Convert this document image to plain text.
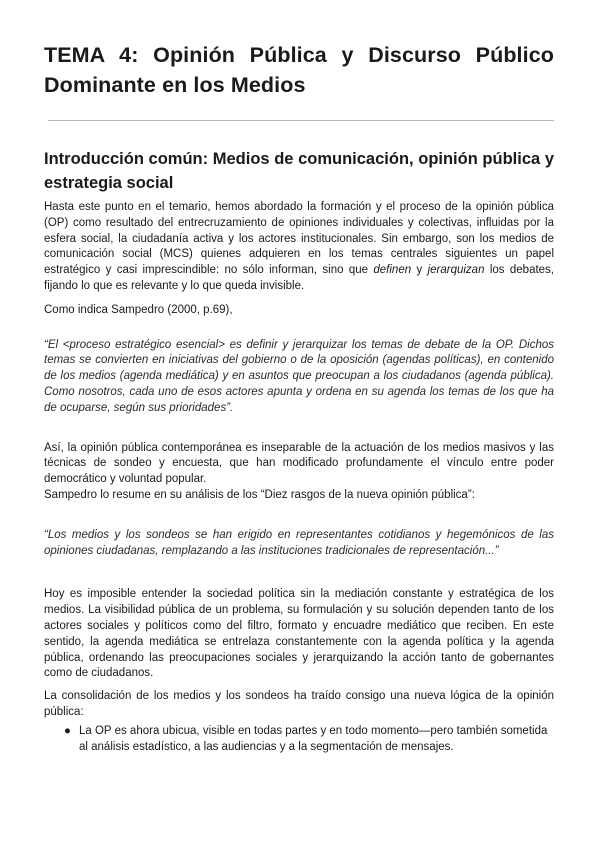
TEMA 4: Opinión Pública y Discurso Público Dominante en los Medios
Introducción común: Medios de comunicación, opinión pública y estrategia social

Hasta este punto en el temario, hemos abordado la formación y el proceso de la opinión pública (OP) como resultado del entrecruzamiento de opiniones individuales y colectivas, influidas por la esfera social, la ciudadanía activa y los actores institucionales. Sin embargo, son los medios de comunicación social (MCS) quienes adquieren en los temas centrales siguientes un papel estratégico y casi imprescindible: no sólo informan, sino que definen y jerarquizan los debates, fijando lo que es relevante y lo que queda invisible.

Como indica Sampedro (2000, p.69),

“El <proceso estratégico esencial> es definir y jerarquizar los temas de debate de la OP. Dichos temas se convierten en iniciativas del gobierno o de la oposición (agendas políticas), en contenido de los medios (agenda mediática) y en asuntos que preocupan a los ciudadanos (agenda pública). Como nosotros, cada uno de esos actores apunta y ordena en su agenda los temas de los que ha de ocuparse, según sus prioridades”.

Así, la opinión pública contemporánea es inseparable de la actuación de los medios masivos y las técnicas de sondeo y encuesta, que han modificado profundamente el vínculo entre poder democrático y voluntad popular.
Sampedro lo resume en su análisis de los “Diez rasgos de la nueva opinión pública”:

“Los medios y los sondeos se han erigido en representantes cotidianos y hegemónicos de las opiniones ciudadanas, remplazando a las instituciones tradicionales de representación...”

Hoy es imposible entender la sociedad política sin la mediación constante y estratégica de los medios. La visibilidad pública de un problema, su formulación y su solución dependen tanto de los actores sociales y políticos como del filtro, formato y encuadre mediático que reciben. En este sentido, la agenda mediática se entrelaza constantemente con la agenda política y la agenda pública, ordenando las preocupaciones sociales y jerarquizando la acción tanto de gobernantes como de ciudadanos.

La consolidación de los medios y los sondeos ha traído consigo una nueva lógica de la opinión pública:

● La OP es ahora ubicua, visible en todas partes y en todo momento—pero también sometida al análisis estadístico, a las audiencias y a la segmentación de mensajes.
